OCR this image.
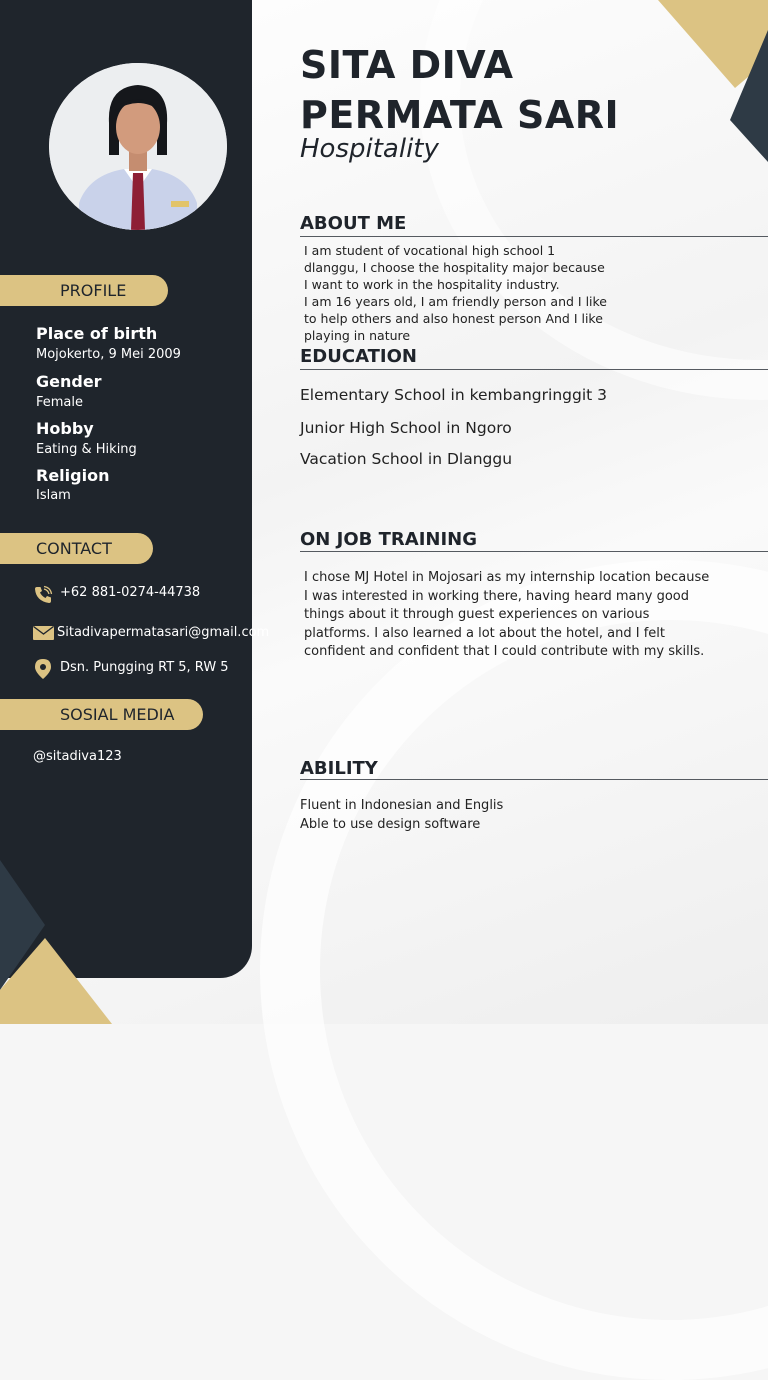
PROFILE
Place of birth
Mojokerto, 9 Mei 2009
Gender
Female
Hobby
Eating & Hiking
Religion
Islam
CONTACT
+62 881-0274-44738
Sitadivapermatasari@gmail.com
Dsn. Pungging RT 5, RW 5
SOSIAL MEDIA
@sitadiva123
SITA DIVA PERMATA SARI
Hospitality
ABOUT ME
I am student of vocational high school 1
dlanggu, I choose the hospitality major because
I want to work in the hospitality industry.
I am 16 years old, I am friendly person and I like
to help others and also honest person And I like
playing in nature
EDUCATION
Elementary School in kembangringgit 3
Junior High School in Ngoro
Vacation School in Dlanggu
ON JOB TRAINING
I chose MJ Hotel in Mojosari as my internship location because
I was interested in working there, having heard many good
things about it through guest experiences on various
platforms. I also learned a lot about the hotel, and I felt
confident and confident that I could contribute with my skills.
ABILITY
Fluent in Indonesian and Englis
Able to use design software
